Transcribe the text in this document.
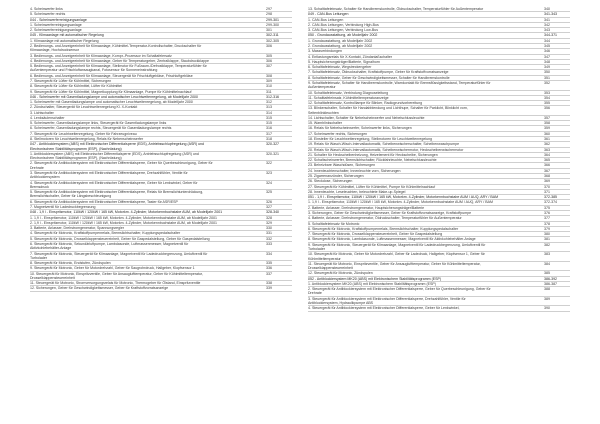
4. Scheinwerfer links	297
5. Scheinwerfer rechts	298
044 - Scheinwerferreinigungsanlage	299-301
1. Scheinwerferreinigungsanlage	299-300
2. Scheinwerferreinigungsanlage	301
045 - Klimaanlage mit automatischer Regelung	302-311
1. Klimaanlage mit automatischer Regelung	302-305
2. Bedienungs- und Anzeigeeinheit für Klimaanlage, Kühlmittel-Temperatur-Kontrollschalter, Druckschalter für
Klimaanlage, Hochdrucksensor
306
3. Bedienungs- und Anzeigeeinheit für Klimaanlage, Kompr.-Prozessor im Schaltafelersatz	305
4. Bedienungs- und Anzeigeeinheit für Klimaanlage, Geber für Temperaturgeber, Zentralklappe, Staubdruckklappe	306
5. Bedienungs- und Anzeigeeinheit für Klimaanlage, Stellmotor für Fußraum-/Defrostklappe, Temperaturfühler für
Außentemperatur und Frischluftansaugkanal, Fotosensor für Sonneneinstrahlung
307
6. Bedienungs- und Anzeigeeinheit für Klimaanlage, Steuergerät für Frischluftgebläse, Frischluftgebläse	308
7. Steuergerät für Lüfter für Kühlmittel, Sicherungen	309
8. Steuergerät für Lüfter für Kühlmittel, Lüfter für Kühlmittel	310
9. Steuergerät für Lüfter für Kühlmittel, Magnetkupplung für Klimaanlage, Pumpe für Kühlmittelnachlauf	311
046 - Scheinwerfer mit Gasentladungslampe und automatischer Leuchtweitenregelung, ab Modelljahr 2000	312-316
1. Scheinwerfer mit Gasentladungslampe und automatischer Leuchtweitenregelung, ab Modelljahr 2000	312
2. Zündschalter, Steuergerät für Leuchtweitenregelung Kl. X-Kontakt	313
3. Lichtschalter	314
4. Lenksäulenschalter	315
5. Scheinwerfer, Gasentladungslampe links, Steuergerät für Gasentladungslampe links	315
6. Scheinwerfer, Gasentladungslampe rechts, Steuergerät für Gasentladungslampe rechts	316
7. Steuergerät für Leuchtweitenregelung, Geber für Fahrzeugniveau	317
8. Stellmotoren für Leuchtweitenregelung, Relais für Nebenscheinwerfer	318
047 - Antiblockiersystem (ABS) mit Elektronischer Differentialsperre (EDS), Antriebsschlupfregelung (ASR) und
Electronischem Stabilitätsprogramm (ESP), (Nachrüstung)
320-327
1. Antiblockiersystem (ABS) mit Elektronischer Differentialsperre (EDS), Antriebsschlupfregelung (ASR) und
Electronischem Stabilitätsprogramm (ESP), (Nachrüstung)
320-321
2. Steuergerät für Antiblockiersystem mit Elektronischer Differentialsperre, Geber für Querbeschleunigung, Geber für
Drehrate
322
3. Steuergerät für Antiblockiersystem mit Elektronischer Differentialsperre, Drehzahlfühler, Ventile für
Antiblockiersystem
323
4. Steuergerät für Antiblockiersystem mit Elektronischer Differentialsperre, Geber für Lenkwinkel, Geber für
Bremsdruck
324
5. Steuergerät für Antiblockiersystem mit Elektronischer Differentialsperre, Relais für Bremslichtunterdrückung,
Bremslichtschalter, Geber für Längsbeschleunigung
325
6. Steuergerät für Antiblockiersystem mit Elektronischer Differentialsperre, Taster für ASR/ESP	326
7. Magnetventil für Ladedruckbegrenzung	327
048 - 1,9 l - Einspritzmotor, 110kW / 120kW / 165 kW, Motorkm. 4-Zylinder, Motorkennbuchstabe AUM, ab Modelljahr 2001	328-340
1. 1,9 l - Einspritzmotor, 110kW / 120kW / 165 kW, Motorkm. 4-Zylinder, Motorkennbuchstabe AUM, ab Modelljahr 2001	328
2. 1,9 l - Einspritzmotor, 110kW / 120kW / 165 kW, Motorkm. 4-Zylinder, Motorkennbuchstabe AUM, ab Modelljahr 2001	329
3. Batterie, Anlasser, Drehstromgenerator, Spannungsregler	330
4. Steuergerät für Motronic, Kraftstoffpumpenrelais, Bremslichtschalter, Kupplungspedalschalter	331
5. Steuergerät für Motronic, Drosselklappensteuereinheit, Geber für Gaspedalstellung, Geber für Gaspedalstellung	332
6. Steuergerät für Motronic, Sekundärluftpumpe, Lambdasonde, Luftmassenmesser, Magnetventil für
Aktivkohlebehälter-Anlage
333
7. Steuergerät für Motronic, Steuergerät für Klimaanlage, Magnetventil für Ladedruckbegrenzung, Umluftventil für
Turbolader
334
8. Steuergerät für Motronic, Endstufen, Zündspulen	335
9. Steuergerät für Motronic, Geber für Motordrehzahl, Geber für Saugrohrdruck, Hallgeber, Klopfsensor 1	336
10. Steuergerät für Motronic, Einspritzventile, Geber für Ansauglufttemperatur, Geber für Kühlmitteltemperatur,
Drosselklappensteuereinheit
337
11. Steuergerät für Motronic, Stromversorgungsrelais für Motronic, Thermogeber für Ölstand, Einspritzventile	338
12. Sicherungen, Geber für Geschwindigkeitsmesser, Geber für Kraftstoffvorratsanzeige	339
13. Schalttafeleinsatz, Schalter für Handbremskontrolle, Öldruckschalter, Temperaturfühler für Außentemperatur	340
049 - CAN-Bus Leitungen	341-343
1. CAN-Bus Leitungen	341
2. CAN-Bus Leitungen, Verbindung High-Bus	342
3. CAN-Bus Leitungen, Verbindung Low-Bus	343
050 - Grundausstattung, ab Modelljahr 2002	344-371
1. Grundausstattung, ab Modelljahr 2002	344
2. Grundausstattung, ab Modelljahr 2002	345
3. Massverbindungen	346
4. Entlastungsrelais für X-Kontakt, Zündanlaßschalter	347
5. Hauptsicherungsträger/Batterie, Signalhorn	348
6. Schalttafeleinsatz, Wegstreckengeber	349
7. Schalttafeleinsatz, Öldruckschalter, Kraftstoffpumpe, Geber für Kraftstoffvorratsanzeige	350
8. Schalttafeleinsatz, Geber für Geschwindigkeitsmesser, Schalter für Handbremskontrolle	351
9. Schalttafeleinsatz, Schalter für Handbremskontrolle, Warnkontakt für Bremsflüssigkeitsstand, Temperaturfühler für
Außentemperatur
352
10. Schalttafeleinsatz, Verbindung Diagnoseleitung	353
11. Schalttafeleinsatz, Kühlmitteltemperaturanzeige	354
12. Schalttafeleinsatz, Kontrolllampe für Blinker, Radiogrundvorbereitung	355
13. Blinkerschalter, Schalter für Handabblendung und Lichthupe, Schalter für Parklicht, Blinklicht vorn,
Seitenblinkleuchten
356
14. Lichtschalter, Schalter für Nebelscheinwerfer und Nebelschlussleuchte	357
15. Warnblinkschalter	358
16. Relais für Nebelscheinwerfer, Scheinwerfer links, Sicherungen	359
17. Scheinwerfer rechts, Sicherungen	360
18. Einsteller für Leuchtweitenregelung, Stellmotoren für Leuchtweitenregelung	361
19. Relais für Wasch-Wisch-Intervallautomatik, Scheibenwischerschalter, Scheibenwaschpumpe	362
20. Relais für Wasch-Wisch-Intervallautomatik, Scheibenwischermotor, Heckscheibenwischermotor	363
21. Schalter für Heckscheibenheizung, Heizelement für Heckscheibe, Sicherungen	364
22. Schaltscheinwerfer, Bremslichtschalter, Rückfahrleuchte, Nebelschlussleuchte	365
23. Beheizbare Waschdüsen, Sicherungen	366
24. Innenleuchtenschalter, Innenleuchte vorn, Sicherungen	367
25. Zigarrenanzünder, Sicherungen	368
26. Steckdose, Sicherungen	369
27. Steuergerät für Kühlmittel, Lüfter für Kühlmittel, Pumpe für Kühlmittelnachlauf	370
28. Innenleuchte, Leseleuchten, beleuchtete Make-up-Spiegel	371
051 - 1,9 l - Einspritzmotor, 110kW / 120kW / 165 kW, Motorkm. 4-Zylinder, Motorkennbuchstabe AUM / AUQ, ARY / BAM	372-385
1. 1,9 l - Einspritzmotor, 110kW / 120kW / 165 kW, Motorkm. 4-Zylinder, Motorkennbuchstabe AUM / AUQ, ARY / BAM	372-374
2. Batterie, Anlasser, Drehstromgenerator, Hauptsicherungsträger/Batterie	375
3. Sicherungen, Geber für Geschwindigkeitsmesser, Geber für Kraftstoffvorratsanzeige, Kraftstoffpumpe	376
4. Batterie, Anlasser, Drehstromgenerator, Öldruckschalter, Temperaturfühler für Außentemperatur	377
5. Schalttafeleinsatz für Motronic	378
6. Steuergerät für Motronic, Kraftstoffpumpenrelais, Bremslichtschalter, Kupplungspedalschalter	379
7. Steuergerät für Motronic, Drosselklappensteuereinheit, Geber für Gaspedalstellung	380
8. Steuergerät für Motronic, Lambdasonde, Luftmassenmesser, Magnetventil für Aktivkohlebehälter-Anlage	381
9. Steuergerät für Motronic, Steuergerät für Klimaanlage, Magnetventil für Ladedruckbegrenzung, Umluftventil für
Turbolader
382
10. Steuergerät für Motronic, Geber für Motordrehzahl, Geber für Ladedruck, Hallgeber, Klopfsensor 1, Geber für
Kühlmitteltemperatur
383
11. Steuergerät für Motronic, Einspritzventile, Geber für Ansauglufttemperatur, Geber für Kühlmitteltemperatur,
Drosselklappensteuereinheit
384
12. Steuergerät für Motronic, Zündspulen	385
052 - Antiblockiersystem MK20 (ABS) mit Elektronischem Stabilitätsprogramm (ESP)	386-392
1. Antiblockiersystem MK20 (ABS) mit Elektronischem Stabilitätsprogramm (ESP)	386-387
2. Steuergerät für Antiblockiersystem mit Elektronischer Differentialsperre, Geber für Querbeschleunigung, Geber für
Drehrate
388
3. Steuergerät für Antiblockiersystem mit Elektronischer Differentialsperre, Drehzahlfühler, Ventile für
Antiblockiersystem, Hydraulikpumpe ABS
389
4. Steuergerät für Antiblockiersystem mit Elektronischer Differentialsperre, Geber für Lenkwinkel,	390
